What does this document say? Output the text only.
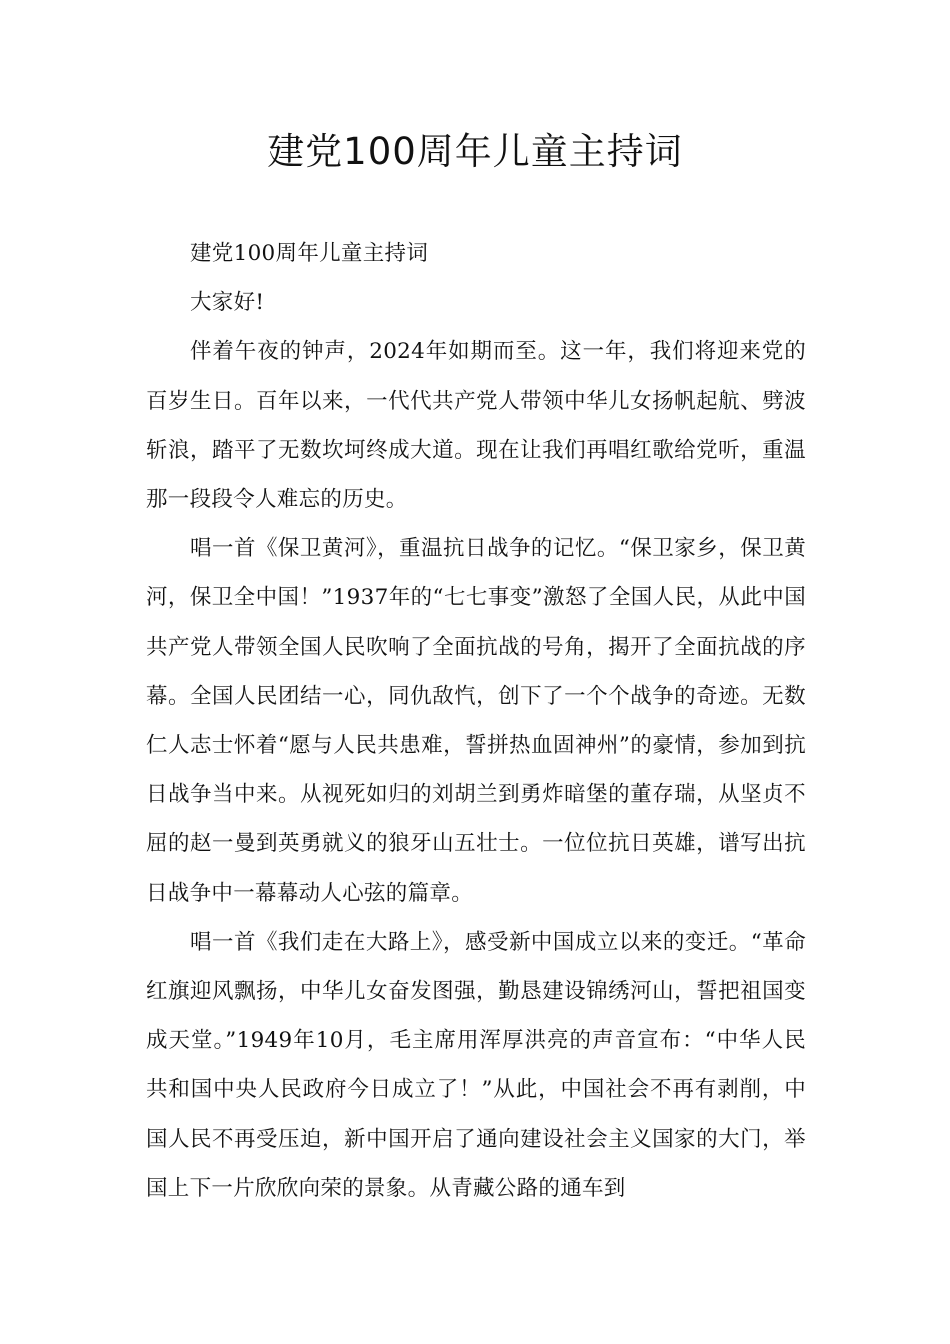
建党100周年儿童主持词

建党100周年儿童主持词

大家好!

伴着午夜的钟声，2024年如期而至。这一年，我们将迎来党的百岁生日。百年以来，一代代共产党人带领中华儿女扬帆起航、劈波斩浪，踏平了无数坎坷终成大道。现在让我们再唱红歌给党听，重温那一段段令人难忘的历史。

唱一首《保卫黄河》，重温抗日战争的记忆。“保卫家乡，保卫黄河，保卫全中国！”1937年的“七七事变”激怒了全国人民，从此中国共产党人带领全国人民吹响了全面抗战的号角，揭开了全面抗战的序幕。全国人民团结一心，同仇敌忾，创下了一个个战争的奇迹。无数仁人志士怀着“愿与人民共患难，誓拼热血固神州”的豪情，参加到抗日战争当中来。从视死如归的刘胡兰到勇炸暗堡的董存瑞，从坚贞不屈的赵一曼到英勇就义的狼牙山五壮士。一位位抗日英雄，谱写出抗日战争中一幕幕动人心弦的篇章。

唱一首《我们走在大路上》，感受新中国成立以来的变迁。“革命红旗迎风飘扬，中华儿女奋发图强，勤恳建设锦绣河山，誓把祖国变成天堂。”1949年10月，毛主席用浑厚洪亮的声音宣布：“中华人民共和国中央人民政府今日成立了！”从此，中国社会不再有剥削，中国人民不再受压迫，新中国开启了通向建设社会主义国家的大门，举国上下一片欣欣向荣的景象。从青藏公路的通车到
